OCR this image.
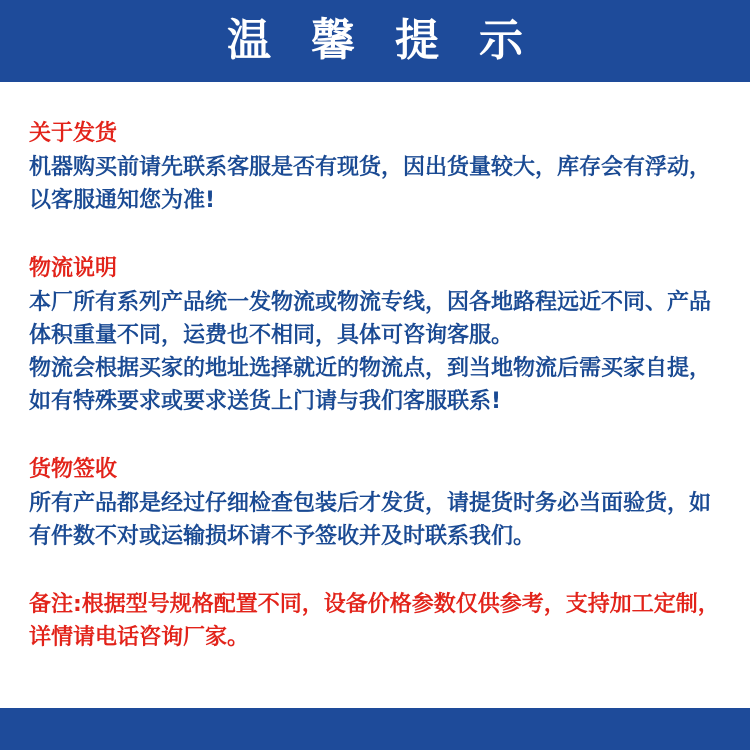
温馨提示
关于发货
机器购买前请先联系客服是否有现货，因出货量较大，库存会有浮动，以客服通知您为准!
物流说明
本厂所有系列产品统一发物流或物流专线，因各地路程远近不同、产品体积重量不同，运费也不相同，具体可咨询客服。
物流会根据买家的地址选择就近的物流点，到当地物流后需买家自提，如有特殊要求或要求送货上门请与我们客服联系!
货物签收
所有产品都是经过仔细检查包装后才发货，请提货时务必当面验货，如有件数不对或运输损坏请不予签收并及时联系我们。
备注:根据型号规格配置不同，设备价格参数仅供参考，支持加工定制，详情请电话咨询厂家。
